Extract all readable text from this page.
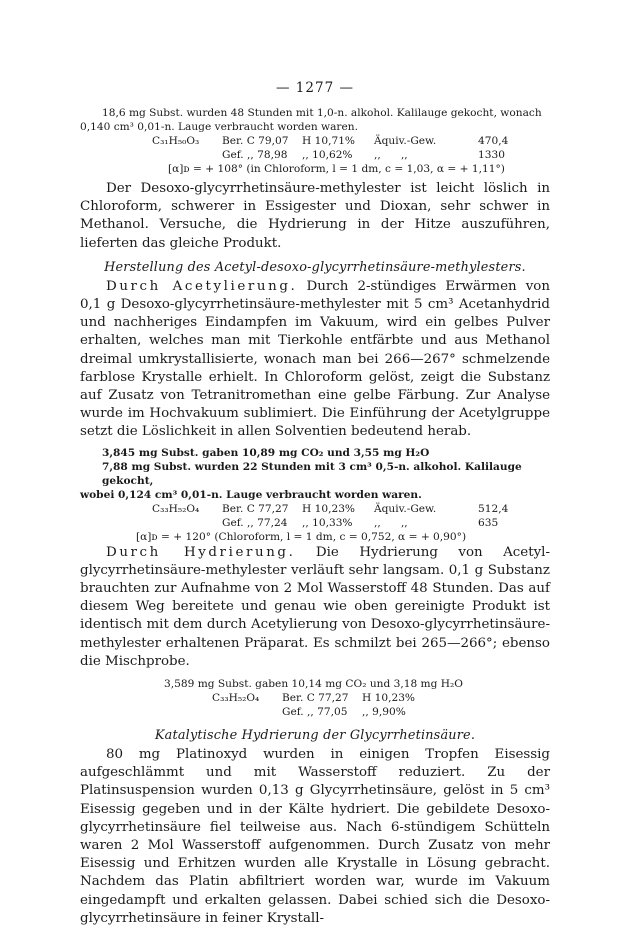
— 1277 —
18,6 mg Subst. wurden 48 Stunden mit 1,0-n. alkohol. Kalilauge gekocht, wonach
0,140 cm³ 0,01-n. Lauge verbraucht worden waren.
C₃₁H₅₀O₃	Ber. C 79,07	H 10,71%	Äquiv.-Gew.	470,4
Gef. ,, 78,98	,, 10,62%	,,      ,,	1330
[α]ᴅ = + 108° (in Chloroform, l = 1 dm, c = 1,03, α = + 1,11°)

Der Desoxo-glycyrrhetinsäure-methylester ist leicht löslich in Chloroform, schwerer in Essigester und Dioxan, sehr schwer in Methanol. Versuche, die Hydrierung in der Hitze auszuführen, lieferten das gleiche Produkt.

Herstellung des Acetyl-desoxo-glycyrrhetinsäure-methylesters.

Durch Acetylierung. Durch 2-stündiges Erwärmen von 0,1 g Desoxo-glycyrrhetinsäure-methylester mit 5 cm³ Acetanhydrid und nachheriges Eindampfen im Vakuum, wird ein gelbes Pulver erhalten, welches man mit Tierkohle entfärbte und aus Methanol dreimal umkrystallisierte, wonach man bei 266—267° schmelzende farblose Krystalle erhielt. In Chloroform gelöst, zeigt die Substanz auf Zusatz von Tetranitromethan eine gelbe Färbung. Zur Analyse wurde im Hochvakuum sublimiert. Die Einführung der Acetylgruppe setzt die Löslichkeit in allen Solventien bedeutend herab.

3,845 mg Subst. gaben 10,89 mg CO₂ und 3,55 mg H₂O
7,88 mg Subst. wurden 22 Stunden mit 3 cm³ 0,5-n. alkohol. Kalilauge gekocht,
wobei 0,124 cm³ 0,01-n. Lauge verbraucht worden waren.
C₃₃H₅₂O₄	Ber. C 77,27	H 10,23%	Äquiv.-Gew.	512,4
Gef. ,, 77,24	,, 10,33%	,,      ,,	635
[α]ᴅ = + 120° (Chloroform, l = 1 dm, c = 0,752, α = + 0,90°)

Durch Hydrierung. Die Hydrierung von Acetyl-glycyrrhetinsäure-methylester verläuft sehr langsam. 0,1 g Substanz brauchten zur Aufnahme von 2 Mol Wasserstoff 48 Stunden. Das auf diesem Weg bereitete und genau wie oben gereinigte Produkt ist identisch mit dem durch Acetylierung von Desoxo-glycyrrhetinsäure-methylester erhaltenen Präparat. Es schmilzt bei 265—266°; ebenso die Mischprobe.

3,589 mg Subst. gaben 10,14 mg CO₂ und 3,18 mg H₂O
C₃₃H₅₂O₄	Ber. C 77,27	H 10,23%
Gef. ,, 77,05	,, 9,90%
Katalytische Hydrierung der Glycyrrhetinsäure.

80 mg Platinoxyd wurden in einigen Tropfen Eisessig aufgeschlämmt und mit Wasserstoff reduziert. Zu der Platinsuspension wurden 0,13 g Glycyrrhetinsäure, gelöst in 5 cm³ Eisessig gegeben und in der Kälte hydriert. Die gebildete Desoxo-glycyrrhetinsäure fiel teilweise aus. Nach 6-stündigem Schütteln waren 2 Mol Wasserstoff aufgenommen. Durch Zusatz von mehr Eisessig und Erhitzen wurden alle Krystalle in Lösung gebracht. Nachdem das Platin abfiltriert worden war, wurde im Vakuum eingedampft und erkalten gelassen. Dabei schied sich die Desoxo-glycyrrhetinsäure in feiner Krystall-
